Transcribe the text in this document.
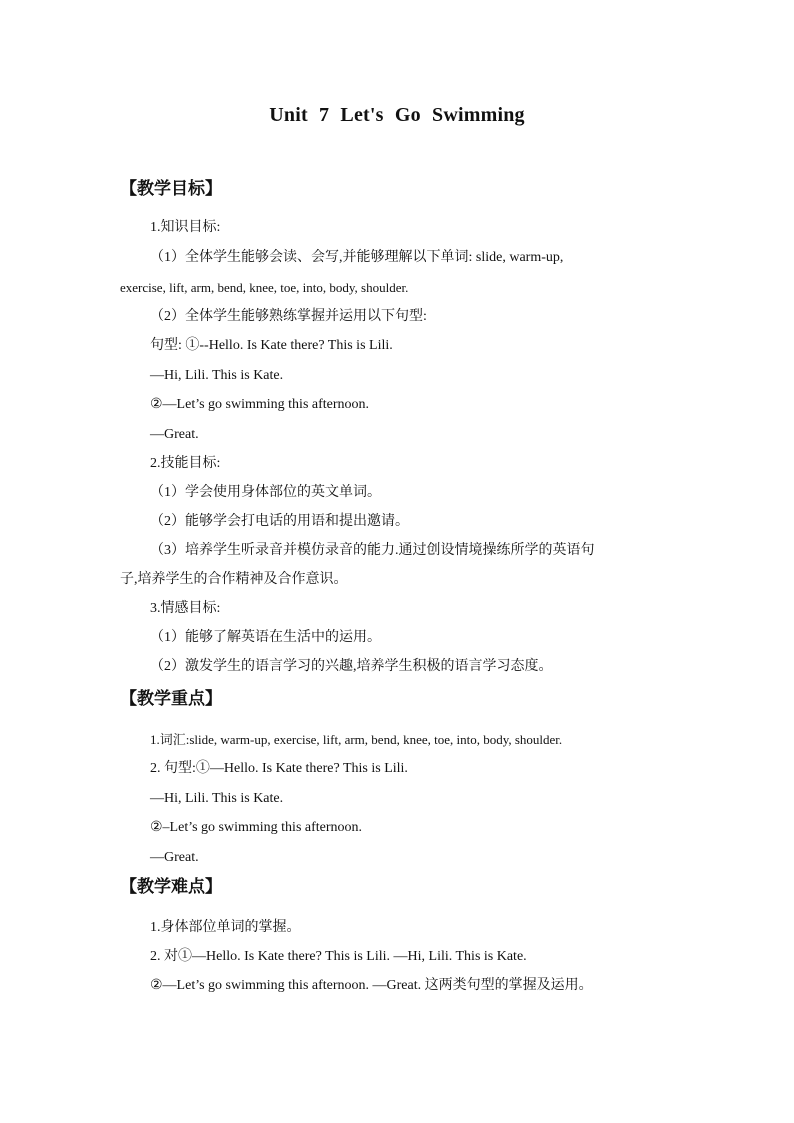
Unit 7 Let's Go Swimming
【教学目标】
1.知识目标:
（1）全体学生能够会读、会写,并能够理解以下单词: slide, warm-up,
exercise, lift, arm, bend, knee, toe, into, body, shoulder.
（2）全体学生能够熟练掌握并运用以下句型:
句型: ①--Hello. Is Kate there? This is Lili.
—Hi, Lili. This is Kate.
②—Let’s go swimming this afternoon.
—Great.
2.技能目标:
（1）学会使用身体部位的英文单词。
（2）能够学会打电话的用语和提出邀请。
（3）培养学生听录音并模仿录音的能力.通过创设情境操练所学的英语句
子,培养学生的合作精神及合作意识。
3.情感目标:
（1）能够了解英语在生活中的运用。
（2）激发学生的语言学习的兴趣,培养学生积极的语言学习态度。
【教学重点】
1.词汇:slide, warm-up, exercise, lift, arm, bend, knee, toe, into, body, shoulder.
2. 句型:①—Hello. Is Kate there? This is Lili.
—Hi, Lili. This is Kate.
②–Let’s go swimming this afternoon.
—Great.
【教学难点】
1.身体部位单词的掌握。
2. 对①—Hello. Is Kate there? This is Lili. —Hi, Lili. This is Kate.
②—Let’s go swimming this afternoon. —Great. 这两类句型的掌握及运用。
